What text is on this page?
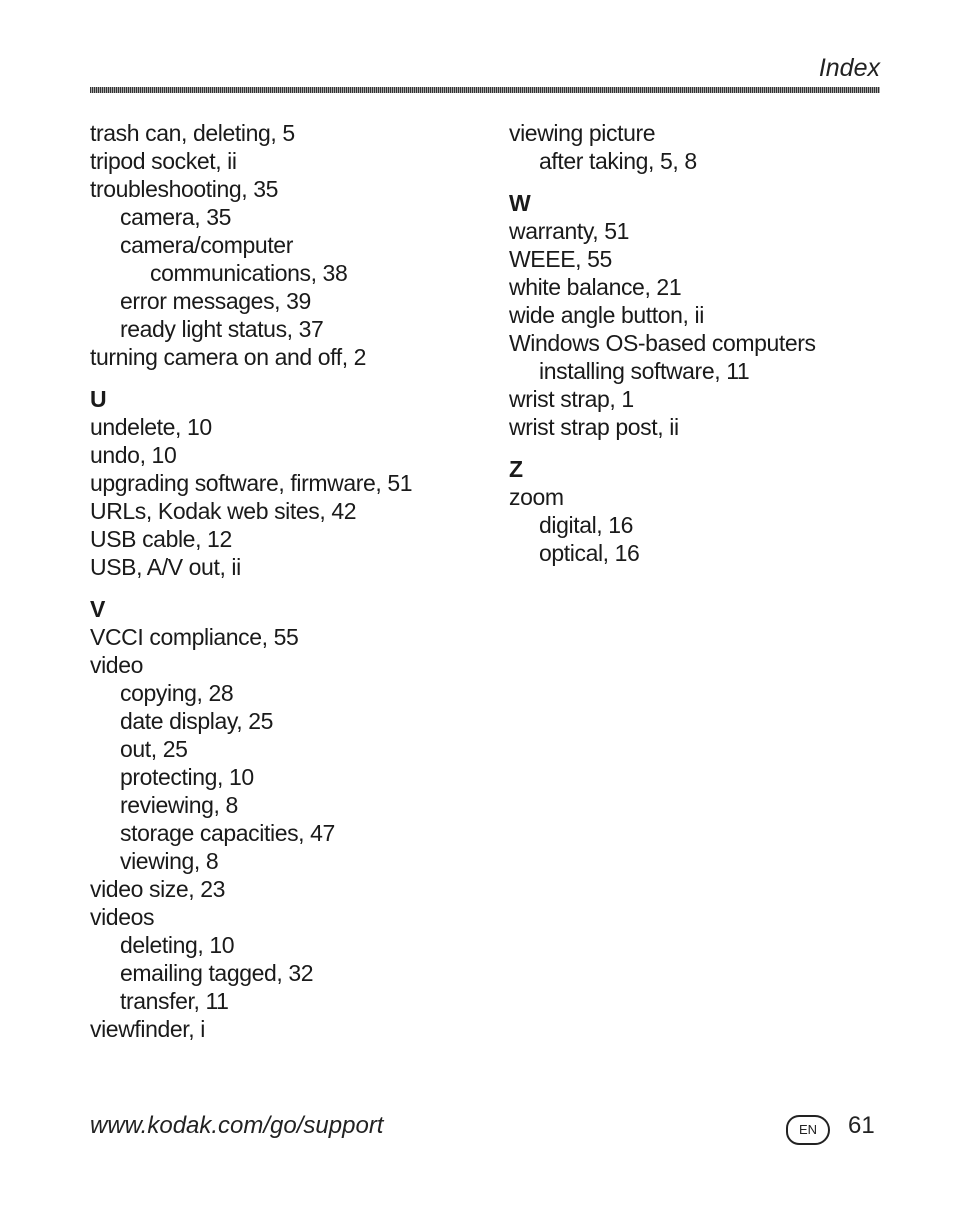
Index
trash can, deleting, 5
tripod socket, ii
troubleshooting, 35
camera, 35
camera/computer
communications, 38
error messages, 39
ready light status, 37
turning camera on and off, 2
U
undelete, 10
undo, 10
upgrading software, firmware, 51
URLs, Kodak web sites, 42
USB cable, 12
USB, A/V out, ii
V
VCCI compliance, 55
video
copying, 28
date display, 25
out, 25
protecting, 10
reviewing, 8
storage capacities, 47
viewing, 8
video size, 23
videos
deleting, 10
emailing tagged, 32
transfer, 11
viewfinder, i
viewing picture
after taking, 5, 8
W
warranty, 51
WEEE, 55
white balance, 21
wide angle button, ii
Windows OS-based computers
installing software, 11
wrist strap, 1
wrist strap post, ii
Z
zoom
digital, 16
optical, 16
www.kodak.com/go/support	EN	61
